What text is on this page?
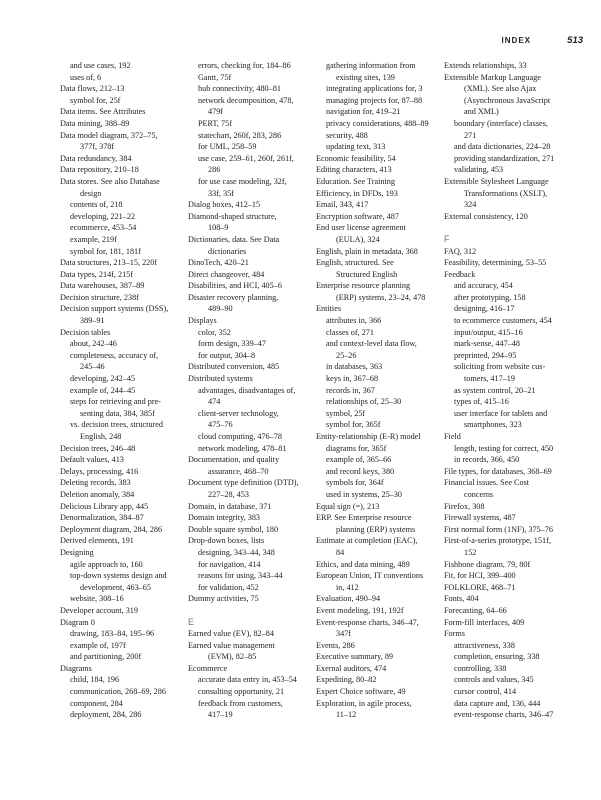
INDEX	513
and use cases, 192
uses of, 6
Data flows, 212–13
symbol for, 25f
Data items. See Attributes
Data mining, 388–89
Data model diagram, 372–75,
377f, 378f
Data redundancy, 384
Data repository, 210–18
Data stores. See also Database
design
contents of, 218
developing, 221–22
ecommerce, 453–54
example, 219f
symbol for, 181, 181f
Data structures, 213–15, 220f
Data types, 214f, 215f
Data warehouses, 387–89
Decision structure, 238f
Decision support systems (DSS),
389–91
Decision tables
about, 242–46
completeness, accuracy of,
245–46
developing, 242–45
example of, 244–45
steps for retrieving and pre-
senting data, 384, 385f
vs. decision trees, structured
English, 248
Decision trees, 246–48
Default values, 413
Delays, processing, 416
Deleting records, 383
Deletion anomaly, 384
Delicious Library app, 445
Denormalization, 384–87
Deployment diagram, 284, 286
Derived elements, 191
Designing
agile approach to, 160
top-down systems design and
development, 463–65
website, 308–16
Developer account, 319
Diagram 0
drawing, 183–84, 195–96
example of, 197f
and partitioning, 200f
Diagrams
child, 184, 196
communication, 268–69, 286
component, 284
deployment, 284, 286
errors, checking for, 184–86
Gantt, 75f
hub connectivity, 480–81
network decomposition, 478,
479f
PERT, 75f
statechart, 260f, 283, 286
for UML, 258–59
use case, 259–61, 260f, 261f,
286
for use case modeling, 32f,
33f, 35f
Dialog boxes, 412–15
Diamond-shaped structure,
108–9
Dictionaries, data. See Data
dictionaries
DinoTech, 420–21
Direct changeover, 484
Disabilities, and HCI, 405–6
Disaster recovery planning,
489–90
Displays
color, 352
form design, 339–47
for output, 304–8
Distributed conversion, 485
Distributed systems
advantages, disadvantages of,
474
client-server technology,
475–76
cloud computing, 476–78
network modeling, 478–81
Documentation, and quality
assurance, 468–70
Document type definition (DTD),
227–28, 453
Domain, in database, 371
Domain integrity, 383
Double square symbol, 180
Drop-down boxes, lists
designing, 343–44, 348
for navigation, 414
reasons for using, 343–44
for validation, 452
Dummy activities, 75
E
Earned value (EV), 82–84
Earned value management
(EVM), 82–85
Ecommerce
accurate data entry in, 453–54
consulting opportunity, 21
feedback from customers,
417–19
gathering information from
existing sites, 139
integrating applications for, 3
managing projects for, 87–88
navigation for, 419–21
privacy considerations, 488–89
security, 488
updating text, 313
Economic feasibility, 54
Editing characters, 413
Education. See Training
Efficiency, in DFDs, 193
Email, 343, 417
Encryption software, 487
End user license agreement
(EULA), 324
English, plain in metadata, 368
English, structured. See
Structured English
Enterprise resource planning
(ERP) systems, 23–24, 478
Entities
attributes in, 366
classes of, 271
and context-level data flow,
25–26
in databases, 363
keys in, 367–68
records in, 367
relationships of, 25–30
symbol, 25f
symbol for, 365f
Entity-relationship (E-R) model
diagrams for, 365f
example of, 365–66
and record keys, 380
symbols for, 364f
used in systems, 25–30
Equal sign (=), 213
ERP. See Enterprise resource
planning (ERP) systems
Estimate at completion (EAC),
84
Ethics, and data mining, 489
European Union, IT conventions
in, 412
Evaluation, 490–94
Event modeling, 191, 192f
Event-response charts, 346–47,
347f
Events, 286
Executive summary, 89
Exernal auditors, 474
Expediting, 80–82
Expert Choice software, 49
Exploration, in agile process,
11–12
Extends relationships, 33
Extensible Markup Language
(XML). See also Ajax
(Asynchronous JavaScript
and XML)
boundary (interface) classes,
271
and data dictionaries, 224–28
providing standardization, 271
validating, 453
Extensible Stylesheet Language
Transformations (XSLT),
324
External consistency, 120
F
FAQ, 312
Feasibility, determining, 53–55
Feedback
and accuracy, 454
after prototyping, 158
designing, 416–17
to ecommerce customers, 454
input/output, 415–16
mark-sense, 447–48
preprinted, 294–95
soliciting from website cus-
tomers, 417–19
as system control, 20–21
types of, 415–16
user interface for tablets and
smartphones, 323
Field
length, testing for correct, 450
in records, 366, 450
File types, for databases, 368–69
Financial issues. See Cost
concerns
Firefox, 308
Firewall systems, 487
First normal form (1NF), 375–76
First-of-a-series prototype, 151f,
152
Fishbone diagram, 79, 80f
Fit, for HCI, 399–400
FOLKLORE, 468–71
Fonts, 404
Forecasting, 64–66
Form-fill interfaces, 409
Forms
attractiveness, 338
completion, ensuring, 338
controlling, 338
controls and values, 345
cursor control, 414
data capture and, 136, 444
event-response charts, 346–47
